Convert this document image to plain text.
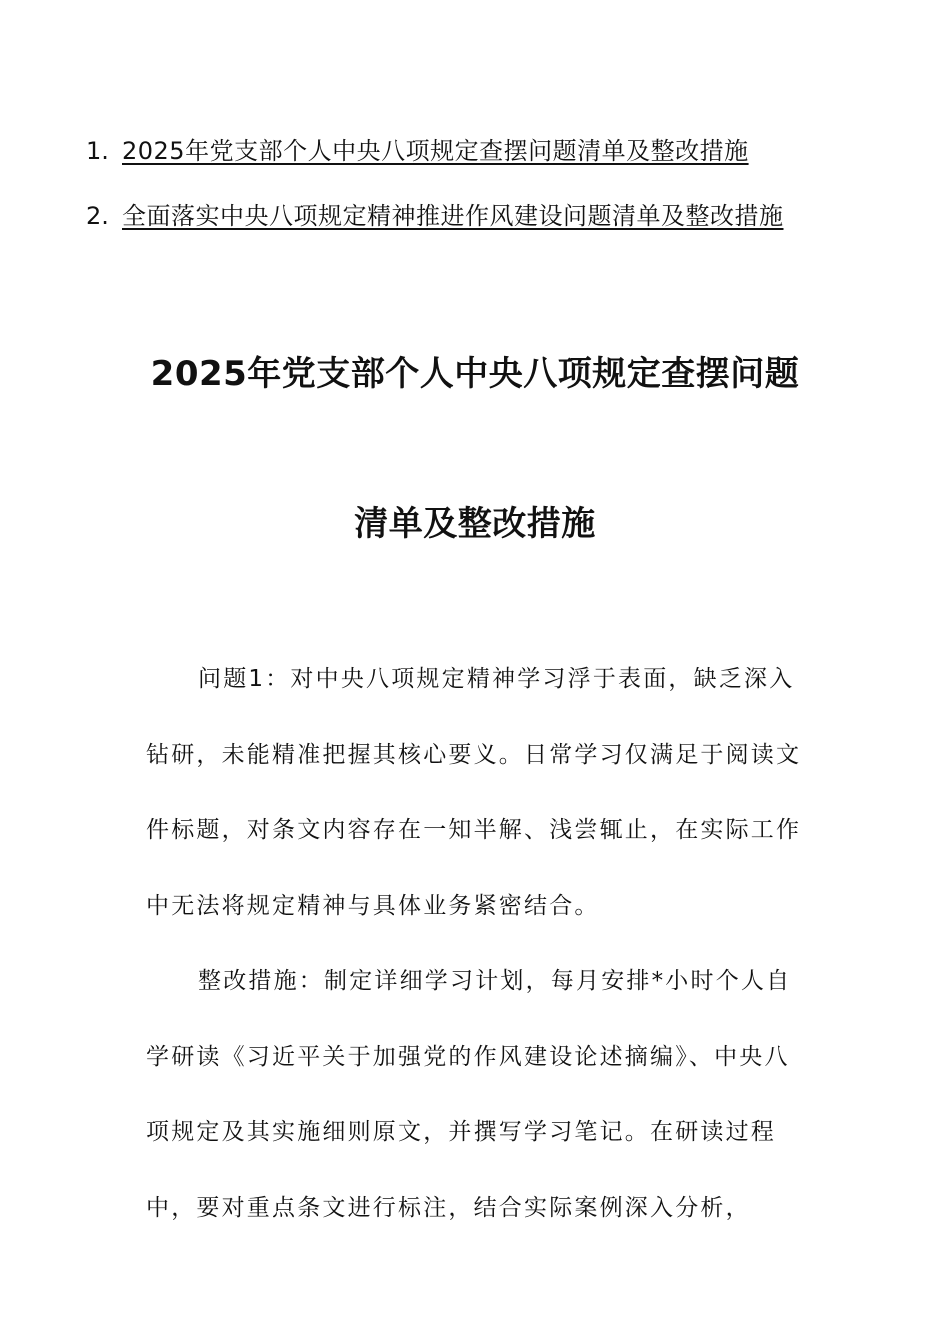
1. 2025年党支部个人中央八项规定查摆问题清单及整改措施
2. 全面落实中央八项规定精神推进作风建设问题清单及整改措施
2025年党支部个人中央八项规定查摆问题
清单及整改措施

问题1：对中央八项规定精神学习浮于表面，缺乏深入钻研，未能精准把握其核心要义。日常学习仅满足于阅读文件标题，对条文内容存在一知半解、浅尝辄止，在实际工作中无法将规定精神与具体业务紧密结合。

整改措施：制定详细学习计划，每月安排*小时个人自学研读《习近平关于加强党的作风建设论述摘编》、中央八项规定及其实施细则原文，并撰写学习笔记。在研读过程中，要对重点条文进行标注，结合实际案例深入分析，
